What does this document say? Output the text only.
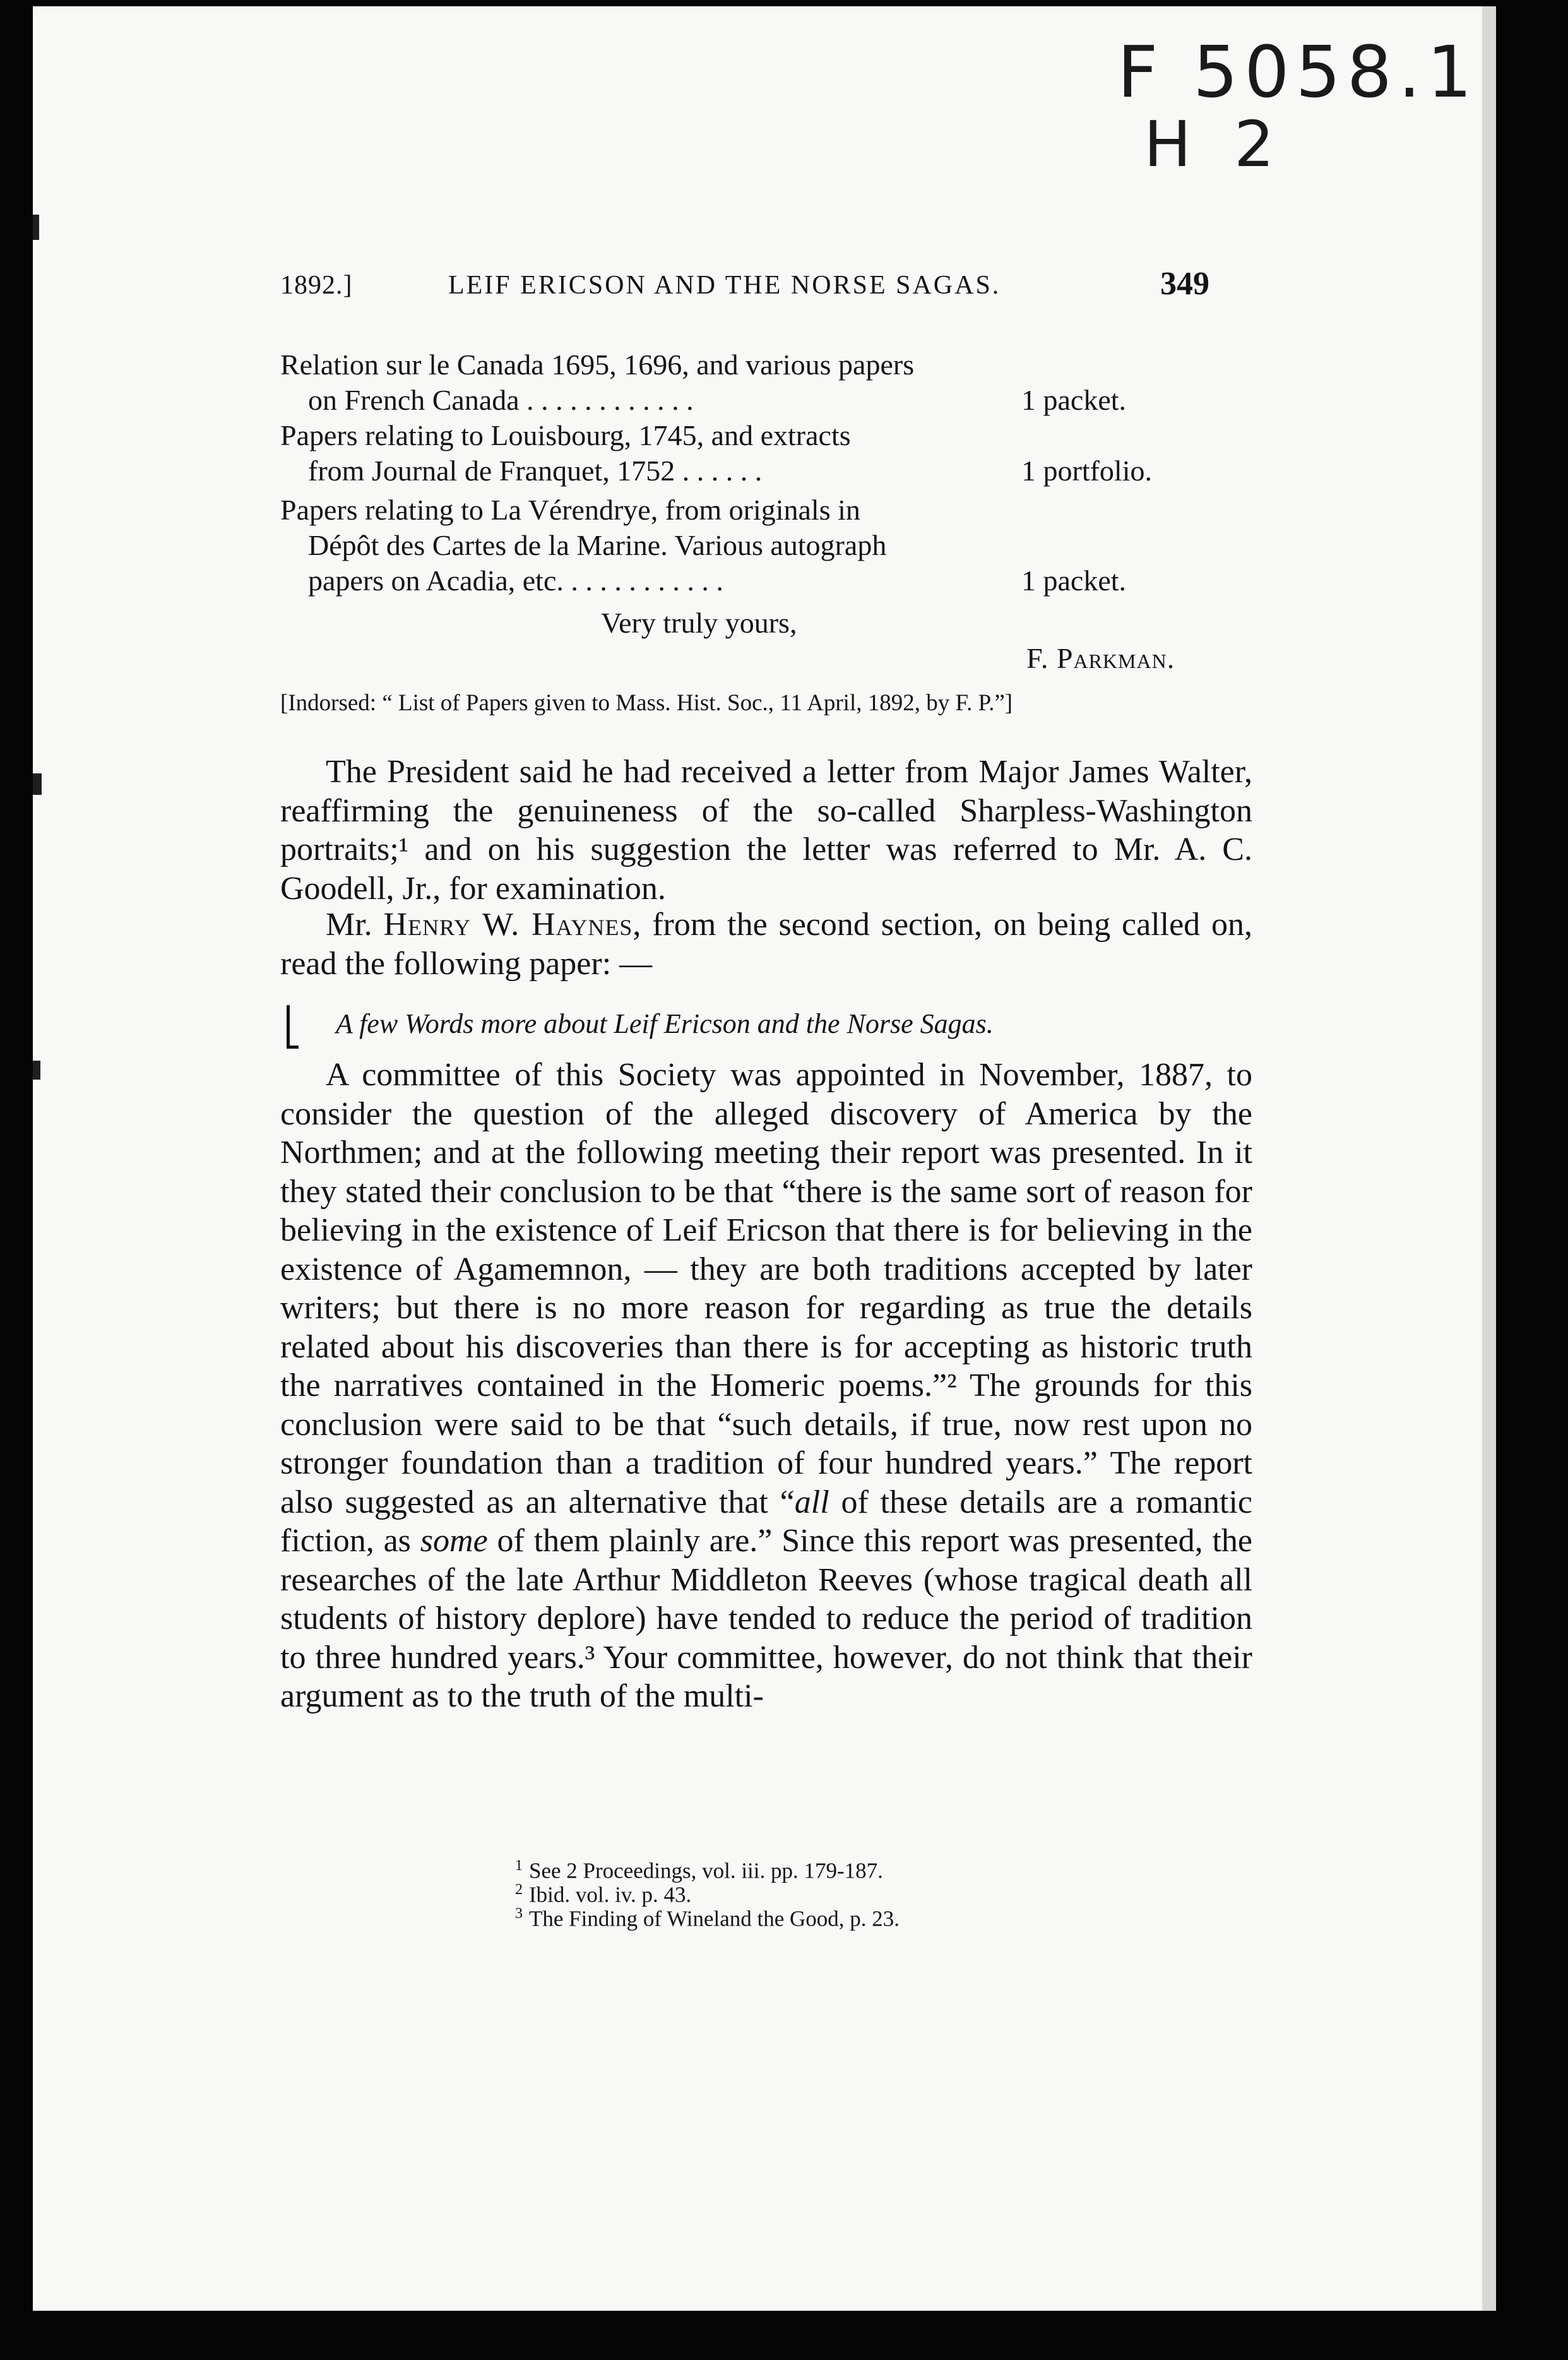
F 5058.1
H 2
1892.]	LEIF ERICSON AND THE NORSE SAGAS.	349
Relation sur le Canada 1695, 1696, and various papers
on French Canada . . . . . . . . . . . .	1 packet.
Papers relating to Louisbourg, 1745, and extracts
from Journal de Franquet, 1752 . . . . . .	1 portfolio.
Papers relating to La Vérendrye, from originals in
Dépôt des Cartes de la Marine. Various autograph
papers on Acadia, etc. . . . . . . . . . . .	1 packet.
Very truly yours,
F. Parkman.
[Indorsed: “ List of Papers given to Mass. Hist. Soc., 11 April, 1892, by F. P.”]
The President said he had received a letter from Major James Walter, reaffirming the genuineness of the so-called Sharpless-Washington portraits;¹ and on his suggestion the letter was referred to Mr. A. C. Goodell, Jr., for examination.
Mr. Henry W. Haynes, from the second section, on being called on, read the following paper: —
A few Words more about Leif Ericson and the Norse Sagas.
A committee of this Society was appointed in November, 1887, to consider the question of the alleged discovery of America by the Northmen; and at the following meeting their report was presented. In it they stated their conclusion to be that “there is the same sort of reason for believing in the existence of Leif Ericson that there is for believing in the existence of Agamemnon, — they are both traditions accepted by later writers; but there is no more reason for regarding as true the details related about his discoveries than there is for accepting as historic truth the narratives contained in the Homeric poems.”² The grounds for this conclusion were said to be that “such details, if true, now rest upon no stronger foundation than a tradition of four hundred years.” The report also suggested as an alternative that “all of these details are a romantic fiction, as some of them plainly are.” Since this report was presented, the researches of the late Arthur Middleton Reeves (whose tragical death all students of history deplore) have tended to reduce the period of tradition to three hundred years.³ Your committee, however, do not think that their argument as to the truth of the multi-
$^1$ See 2 Proceedings, vol. iii. pp. 179-187.
$^2$ Ibid. vol. iv. p. 43.
$^3$ The Finding of Wineland the Good, p. 23.
